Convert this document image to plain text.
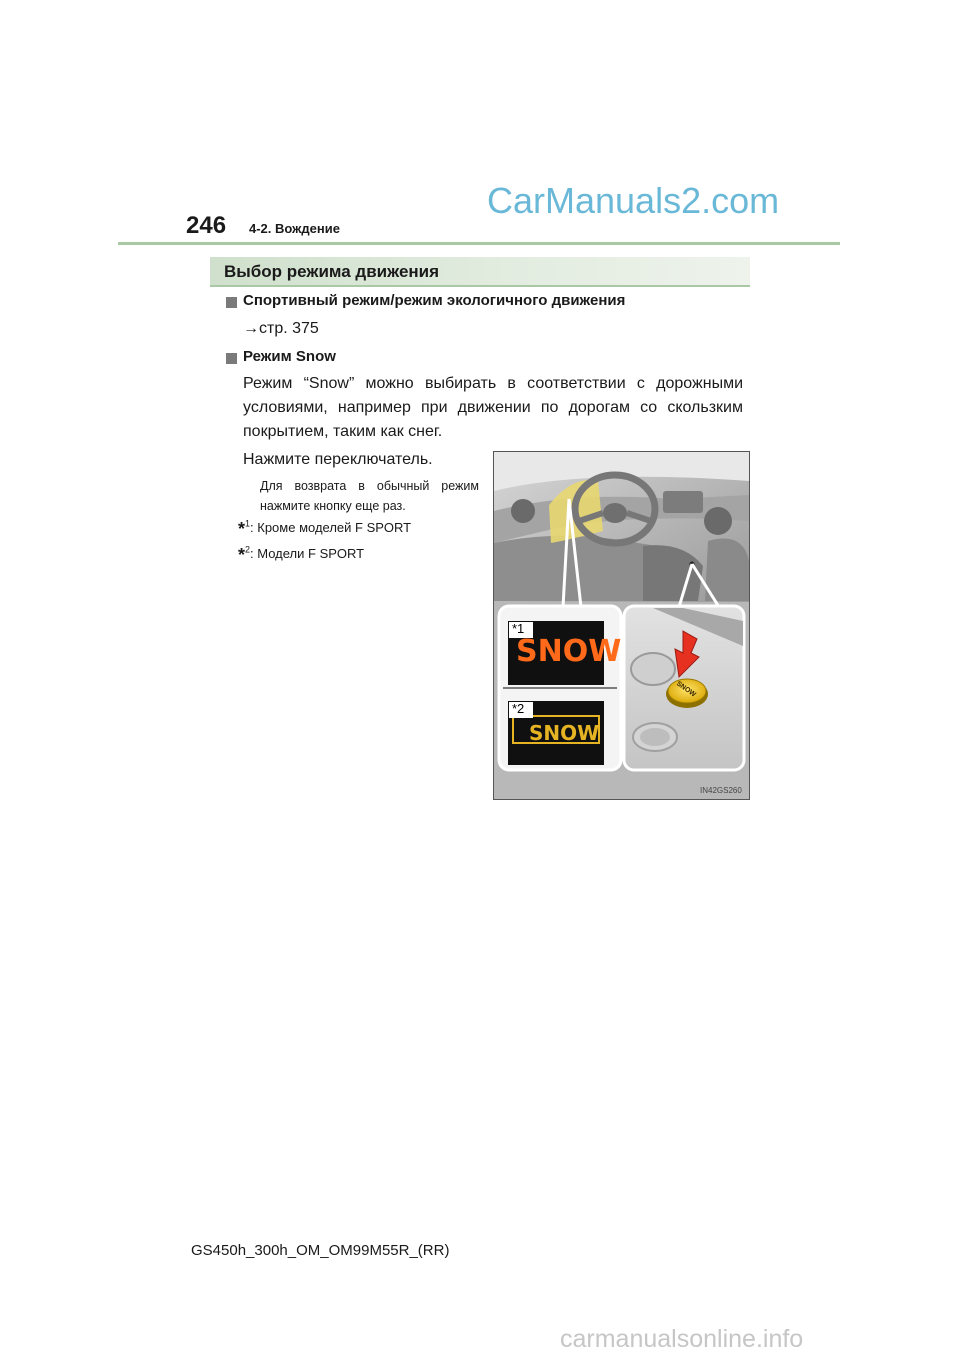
246 4-2. Вождение
CarManuals2.com
Выбор режима движения
Спортивный режим/режим экологичного движения
→стр. 375
Режим Snow
Режим “Snow” можно выбирать в соответствии с дорожными
условиями, например при движении по дорогам со скользким
покрытием, таким как снег.
Нажмите переключатель.
Для возврата в обычный режим
нажмите кнопку еще раз.
*$^1$: Кроме моделей F SPORT
*$^2$: Модели F SPORT
*1
*2
SNOW
SNOW
SNOW
IN42GS260
GS450h_300h_OM_OM99M55R_(RR)
carmanualsonline.info
